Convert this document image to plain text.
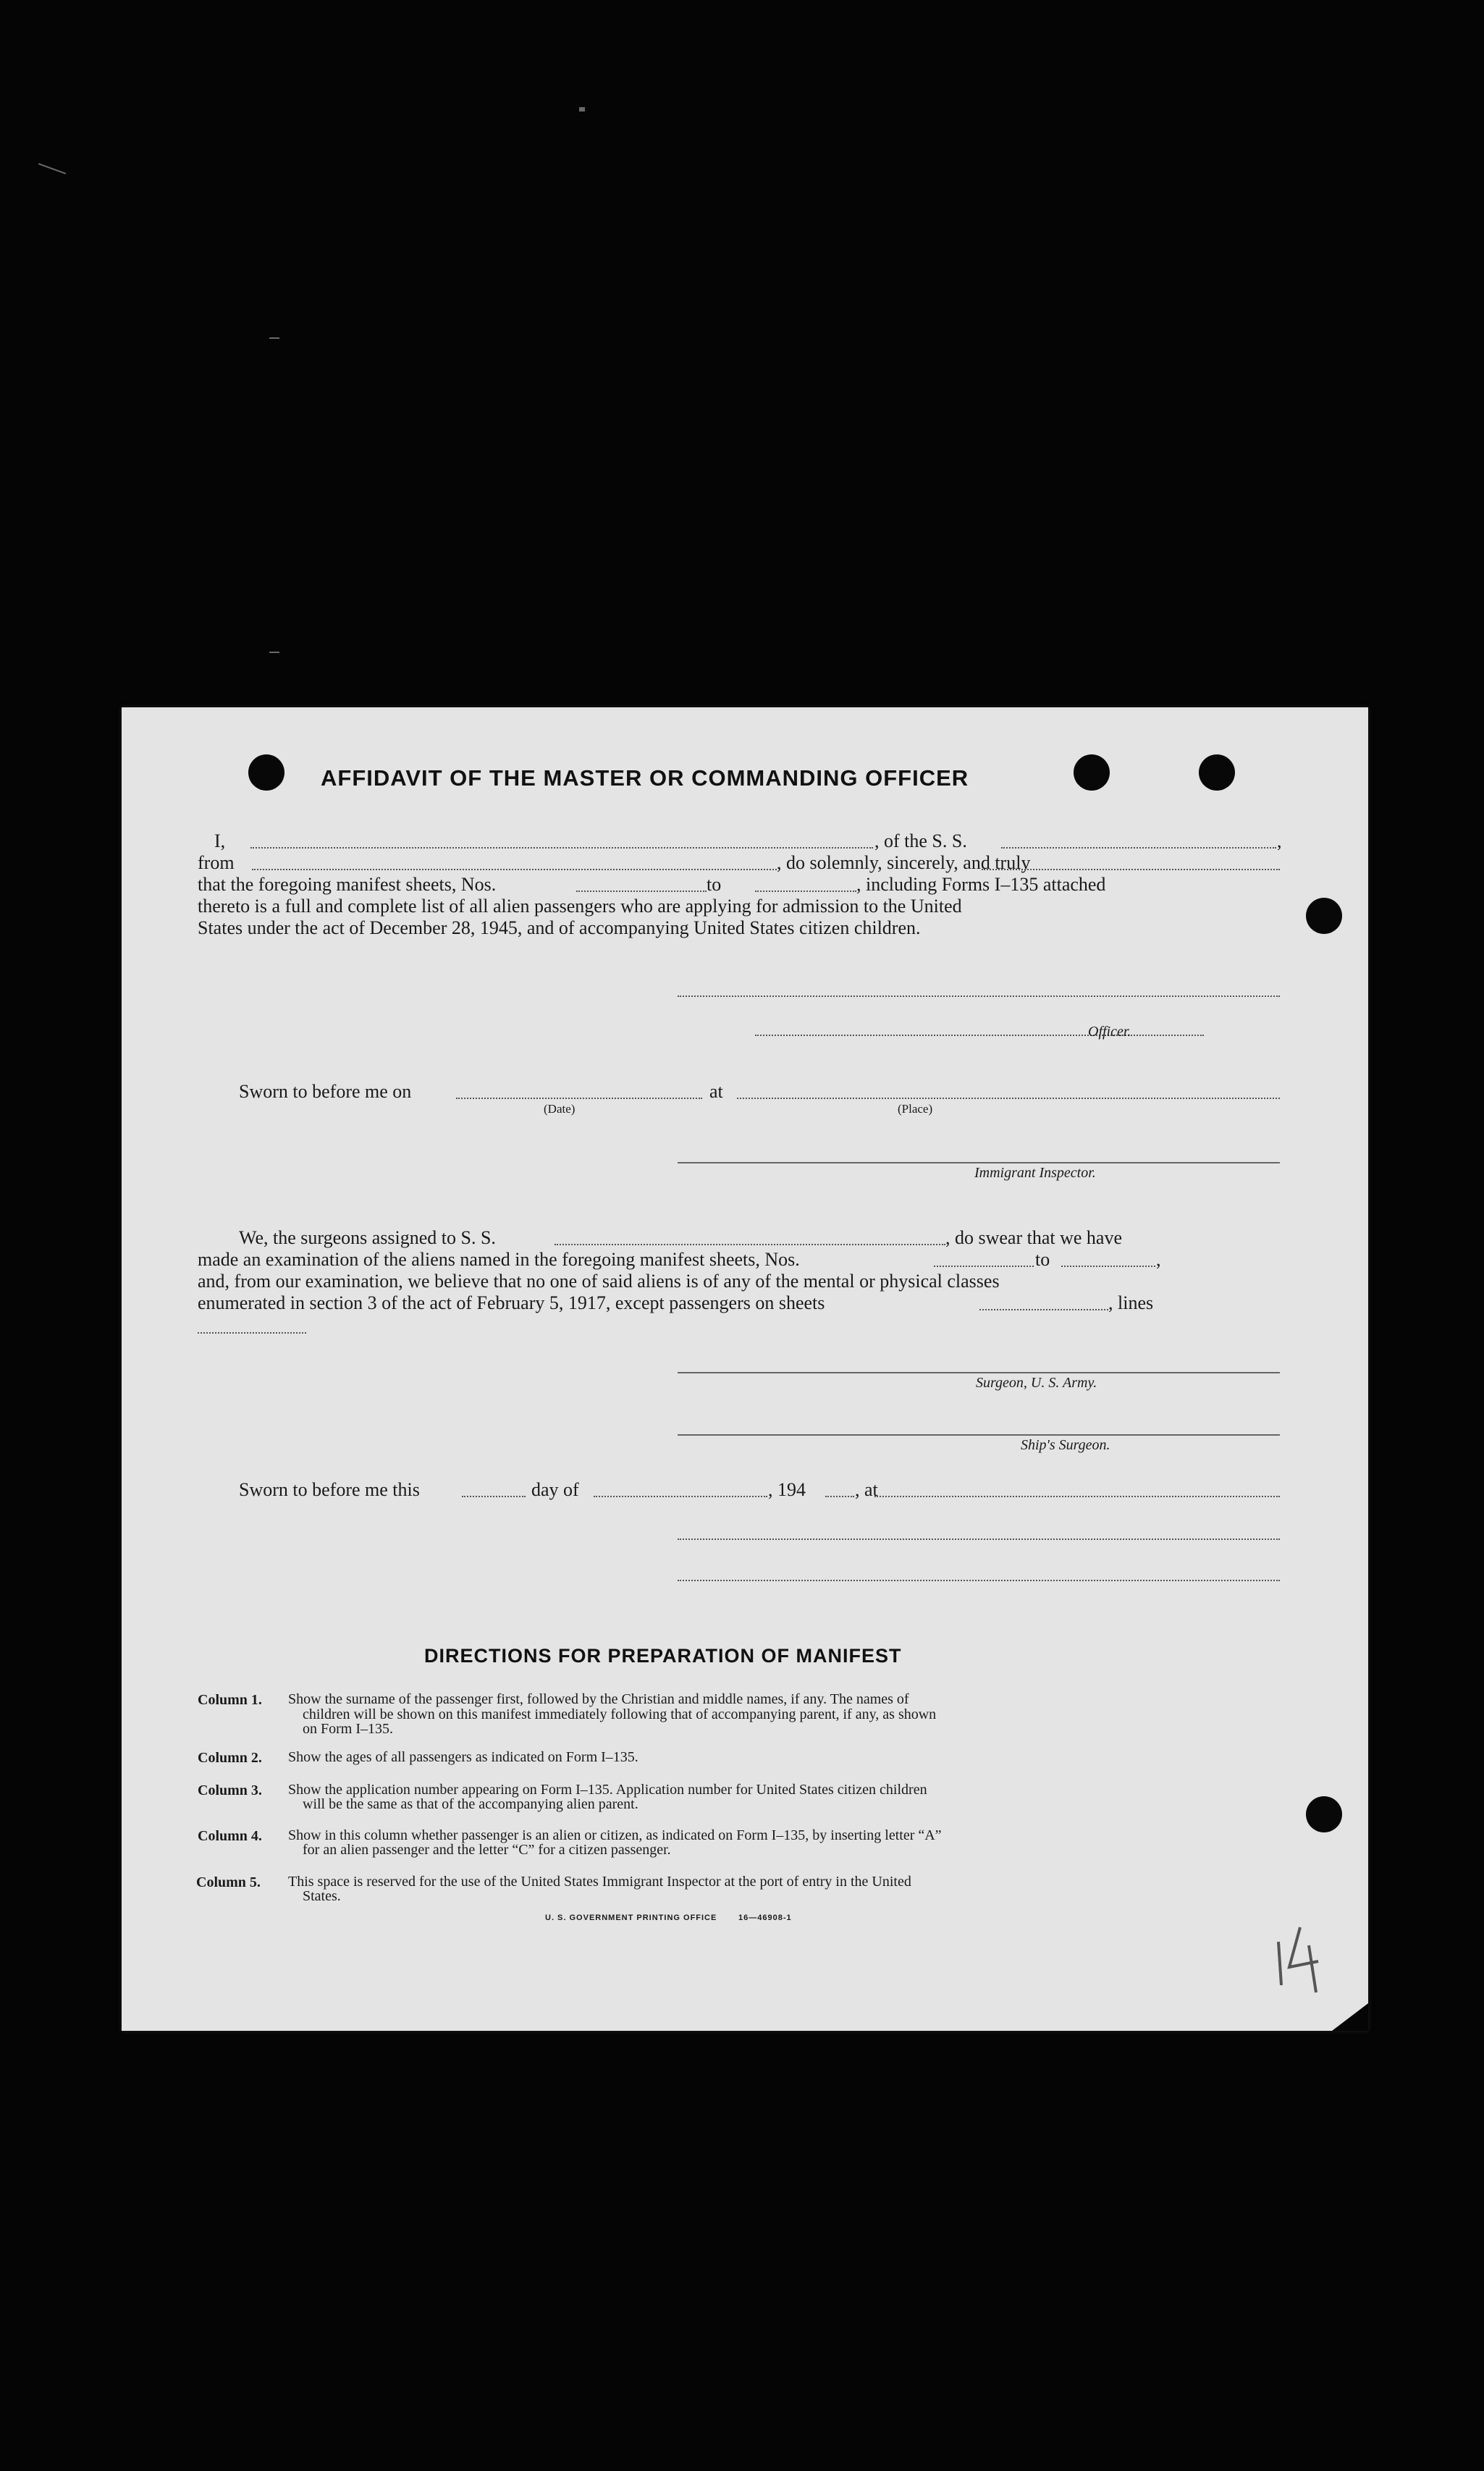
AFFIDAVIT OF THE MASTER OR COMMANDING OFFICER
I,	, of the S. S.	,
from	, do solemnly, sincerely, and truly
that the foregoing manifest sheets, Nos.	to	, including Forms I–135 attached
thereto is a full and complete list of all alien passengers who are applying for admission to the United
States under the act of December 28, 1945, and of accompanying United States citizen children.
Officer.
Sworn to before me on
(Date)
at
(Place)
Immigrant Inspector.
We, the surgeons assigned to S. S.	, do swear that we have
made an examination of the aliens named in the foregoing manifest sheets, Nos.	to	,
and, from our examination, we believe that no one of said aliens is of any of the mental or physical classes
enumerated in section 3 of the act of February 5, 1917, except passengers on sheets	, lines
Surgeon, U. S. Army.
Ship's Surgeon.
Sworn to before me this	day of	, 194	, at
DIRECTIONS FOR PREPARATION OF MANIFEST
Column 1. Show the surname of the passenger first, followed by the Christian and middle names, if any. The names of
children will be shown on this manifest immediately following that of accompanying parent, if any, as shown
on Form I–135.
Column 2. Show the ages of all passengers as indicated on Form I–135.
Column 3. Show the application number appearing on Form I–135. Application number for United States citizen children
will be the same as that of the accompanying alien parent.
Column 4. Show in this column whether passenger is an alien or citizen, as indicated on Form I–135, by inserting letter “A”
for an alien passenger and the letter “C” for a citizen passenger.
Column 5. This space is reserved for the use of the United States Immigrant Inspector at the port of entry in the United
States.
U. S. GOVERNMENT PRINTING OFFICE	16—46908-1
